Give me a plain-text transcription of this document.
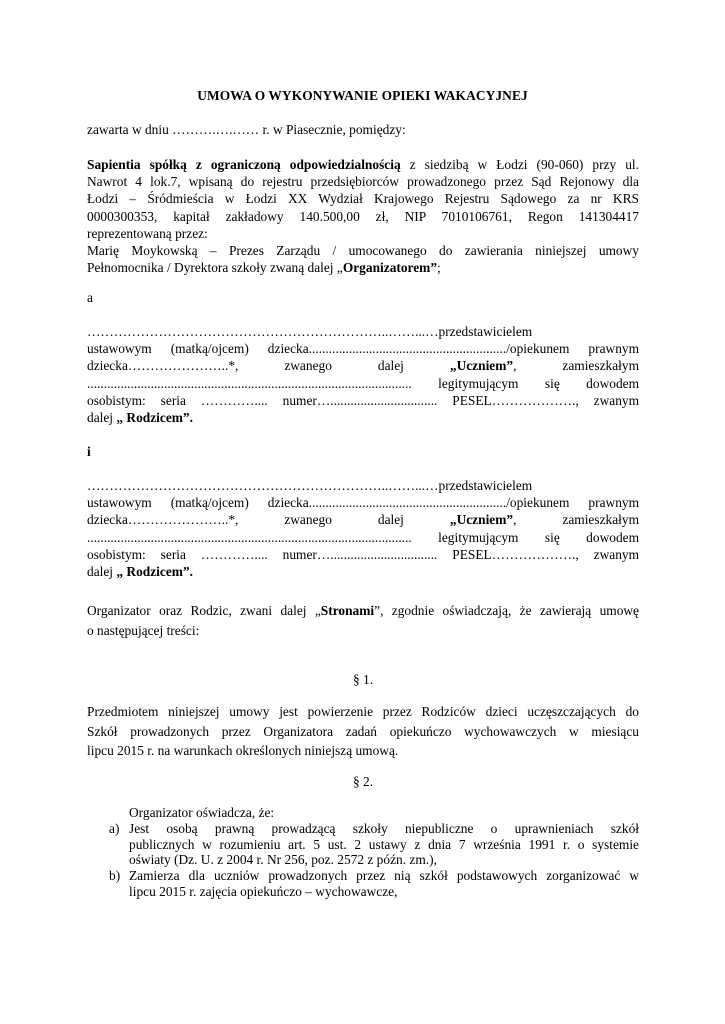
UMOWA O WYKONYWANIE OPIEKI WAKACYJNEJ
zawarta w dniu ……….….…… r. w Piasecznie, pomiędzy:
Sapientia spółką z ograniczoną odpowiedzialnością z siedzibą w Łodzi (90-060) przy ul.
Nawrot 4 lok.7, wpisaną do rejestru przedsiębiorców prowadzonego przez Sąd Rejonowy dla
Łodzi – Śródmieścia w Łodzi XX Wydział Krajowego Rejestru Sądowego za nr KRS
0000300353, kapitał zakładowy 140.500,00 zł, NIP 7010106761, Regon 141304417
reprezentowaną przez:
Marię Moykowską – Prezes Zarządu / umocowanego do zawierania niniejszej umowy
Pełnomocnika / Dyrektora szkoły zwaną dalej „Organizatorem”;
a
…………………………………………………………..……...…przedstawicielem
ustawowym (matką/ojcem) dziecka.........................................................../opiekunem prawnym
dziecka…………………..*, zwanego dalej „Uczniem”, zamieszkałym
................................................................................................. legitymującym się dowodem
osobistym: seria ………….... numer…................................ PESEL………………., zwanym
dalej „ Rodzicem”.
i
…………………………………………………………..……...…przedstawicielem
ustawowym (matką/ojcem) dziecka.........................................................../opiekunem prawnym
dziecka…………………..*, zwanego dalej „Uczniem”, zamieszkałym
................................................................................................. legitymującym się dowodem
osobistym: seria ………….... numer…................................ PESEL………………., zwanym
dalej „ Rodzicem”.
Organizator oraz Rodzic, zwani dalej „Stronami”, zgodnie oświadczają, że zawierają umowę
o następującej treści:
§ 1.
Przedmiotem niniejszej umowy jest powierzenie przez Rodziców dzieci uczęszczających do
Szkół prowadzonych przez Organizatora zadań opiekuńczo wychowawczych w miesiącu
lipcu 2015 r. na warunkach określonych niniejszą umową.
§ 2.
Organizator oświadcza, że:
a) Jest osobą prawną prowadzącą szkoły niepubliczne o uprawnieniach szkół
publicznych w rozumieniu art. 5 ust. 2 ustawy z dnia 7 września 1991 r. o systemie
oświaty (Dz. U. z 2004 r. Nr 256, poz. 2572 z późn. zm.),
b) Zamierza dla uczniów prowadzonych przez nią szkół podstawowych zorganizować w
lipcu 2015 r. zajęcia opiekuńczo – wychowawcze,
